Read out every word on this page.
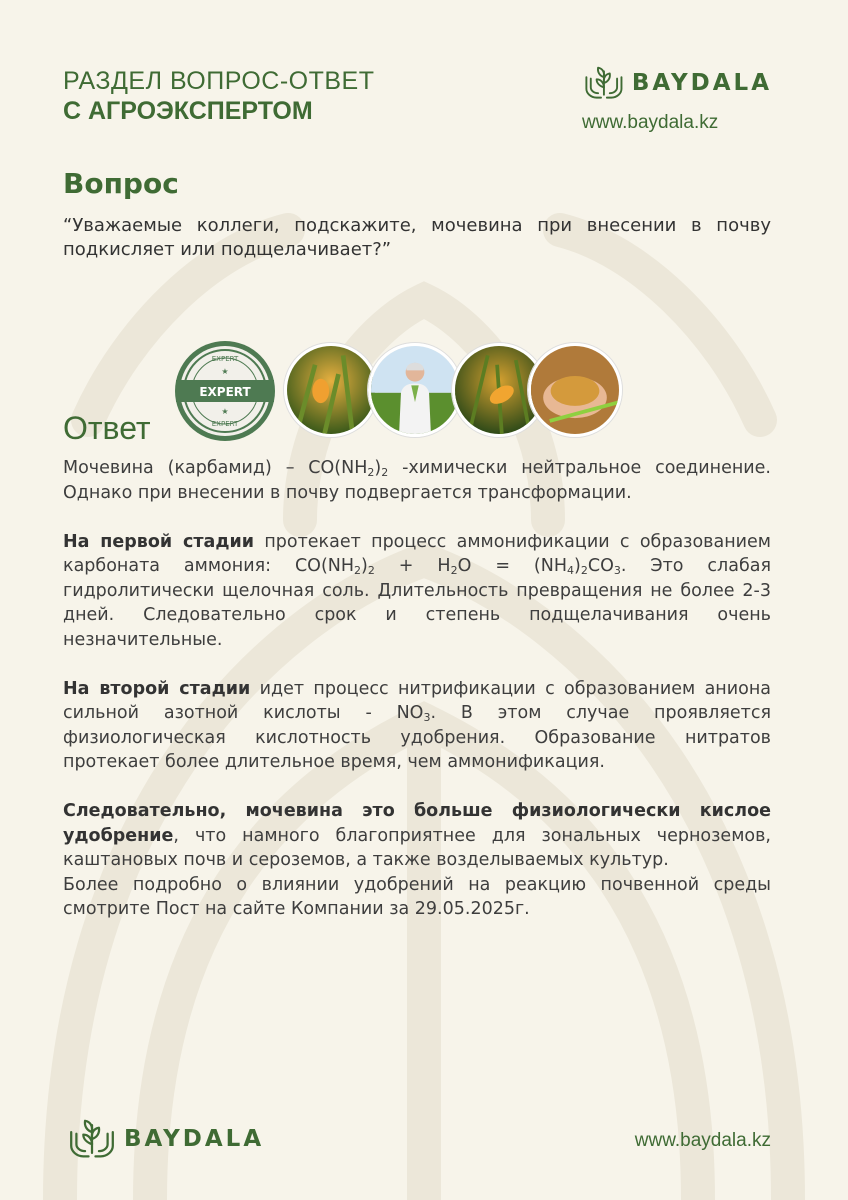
РАЗДЕЛ ВОПРОС-ОТВЕТ
С АГРОЭКСПЕРТОМ
BAYDALA
www.baydala.kz
Вопрос
“Уважаемые коллеги, подскажите, мочевина при внесении в почву подкисляет или подщелачивает?”
EXPERT
EXPERT
EXPERT
★
★
Ответ

Мочевина (карбамид) – $CO(NH_2)_2$ -химически нейтральное соединение. Однако при внесении в почву подвергается трансформации.

На первой стадии протекает процесс аммонификации с образованием карбоната аммония: $CO(NH_2)_2 + H_2O = (NH_4)_2CO_3$. Это слабая гидролитически щелочная соль. Длительность превращения не более 2-3 дней. Следовательно срок и степень подщелачивания очень незначительные.

На второй стадии идет процесс нитрификации с образованием аниона сильной азотной кислоты - $NO_3$. В этом случае проявляется физиологическая кислотность удобрения. Образование нитратов протекает более длительное время, чем аммонификация.

Следовательно, мочевина это больше физиологически кислое удобрение, что намного благоприятнее для зональных черноземов, каштановых почв и сероземов, а также возделываемых культур.

Более подробно о влиянии удобрений на реакцию почвенной среды смотрите Пост на сайте Компании за 29.05.2025г.

BAYDALA	www.baydala.kz
